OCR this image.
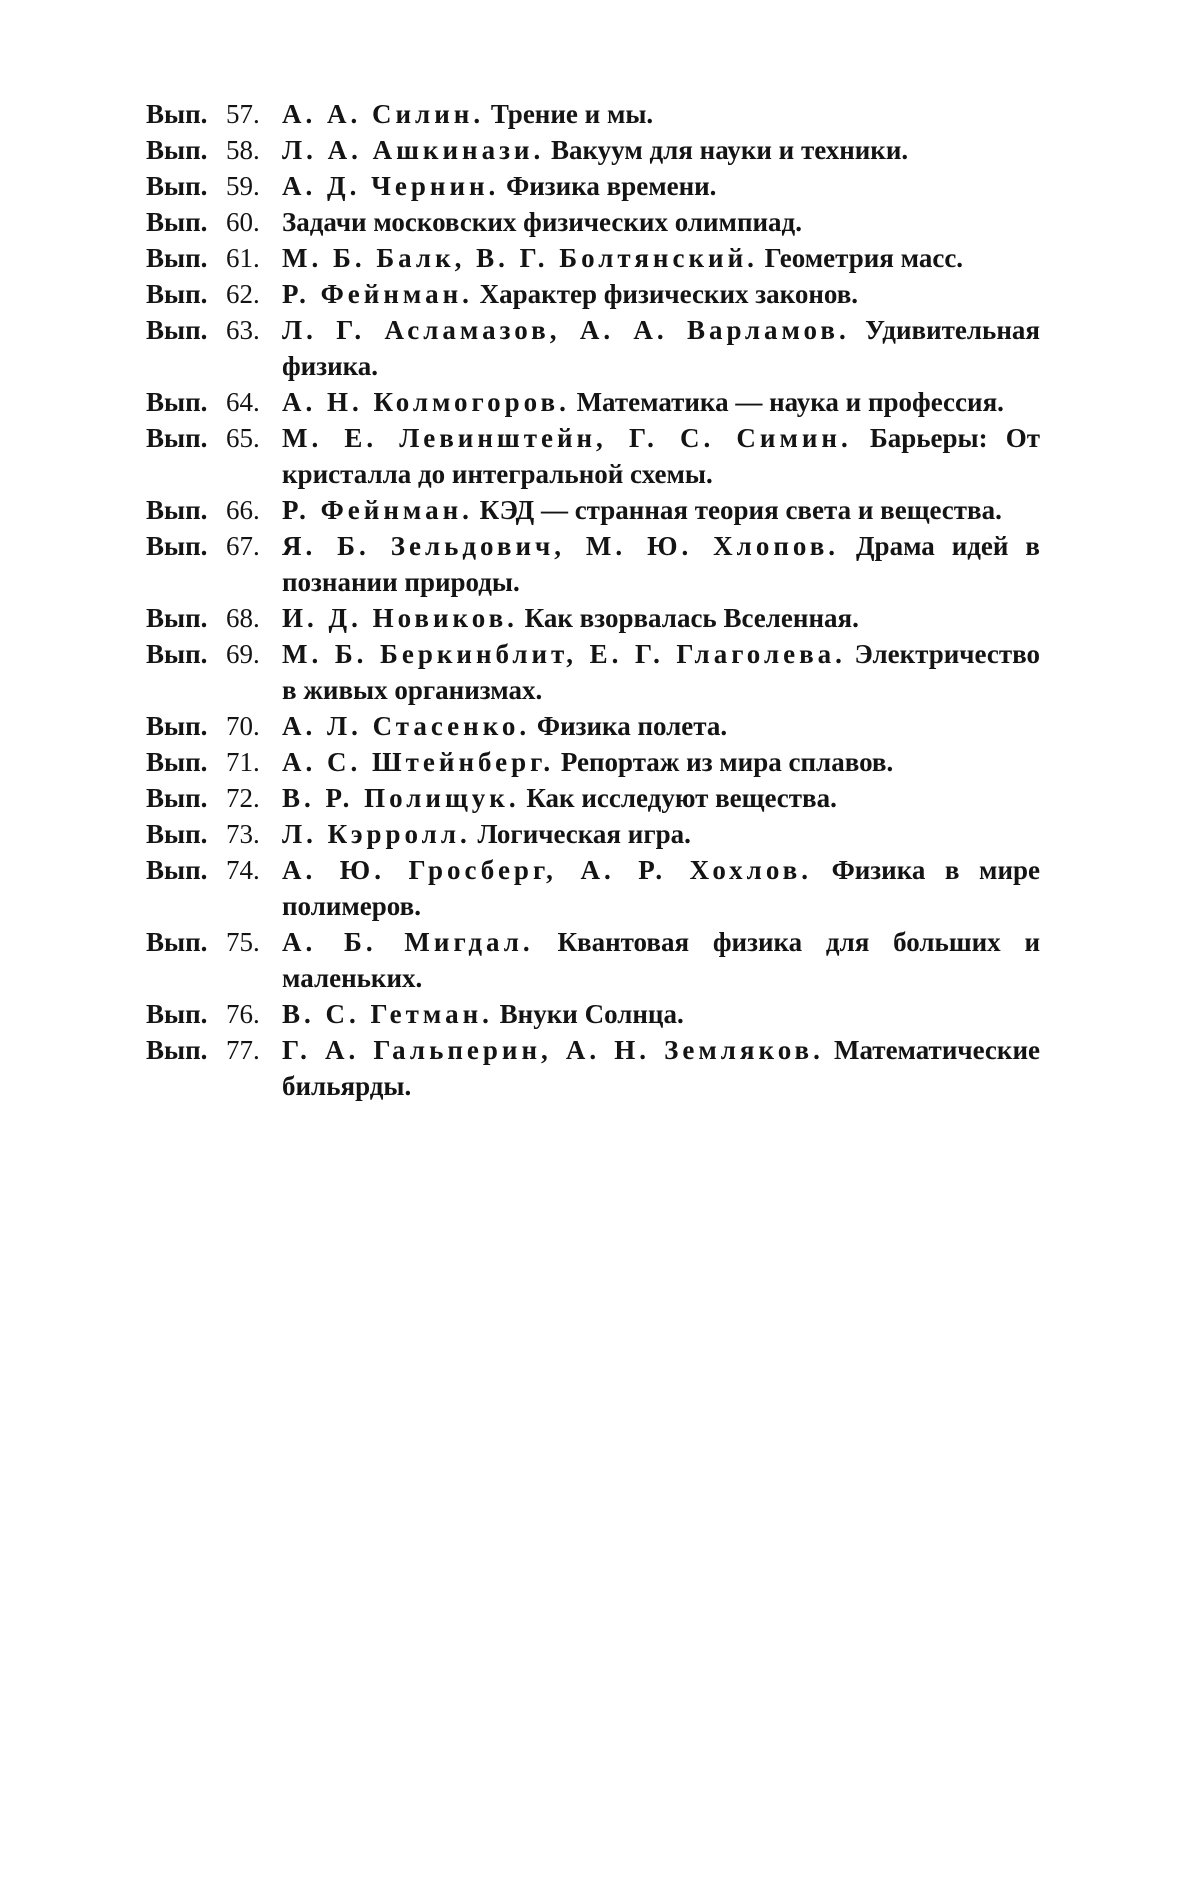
Вып. 57. А. А. Силин. Трение и мы.
Вып. 58. Л. А. Ашкинази. Вакуум для науки и техники.
Вып. 59. А. Д. Чернин. Физика времени.
Вып. 60. Задачи московских физических олимпиад.
Вып. 61. М. Б. Балк, В. Г. Болтянский. Геометрия масс.
Вып. 62. Р. Фейнман. Характер физических законов.
Вып. 63. Л. Г. Асламазов, А. А. Варламов. Удивительная физика.
Вып. 64. А. Н. Колмогоров. Математика — наука и профессия.
Вып. 65. М. Е. Левинштейн, Г. С. Симин. Барьеры: От кристалла до интегральной схемы.
Вып. 66. Р. Фейнман. КЭД — странная теория света и вещества.
Вып. 67. Я. Б. Зельдович, М. Ю. Хлопов. Драма идей в познании природы.
Вып. 68. И. Д. Новиков. Как взорвалась Вселенная.
Вып. 69. М. Б. Беркинблит, Е. Г. Глаголева. Электричество в живых организмах.
Вып. 70. А. Л. Стасенко. Физика полета.
Вып. 71. А. С. Штейнберг. Репортаж из мира сплавов.
Вып. 72. В. Р. Полищук. Как исследуют вещества.
Вып. 73. Л. Кэрролл. Логическая игра.
Вып. 74. А. Ю. Гросберг, А. Р. Хохлов. Физика в мире полимеров.
Вып. 75. А. Б. Мигдал. Квантовая физика для больших и маленьких.
Вып. 76. В. С. Гетман. Внуки Солнца.
Вып. 77. Г. А. Гальперин, А. Н. Земляков. Математические бильярды.
